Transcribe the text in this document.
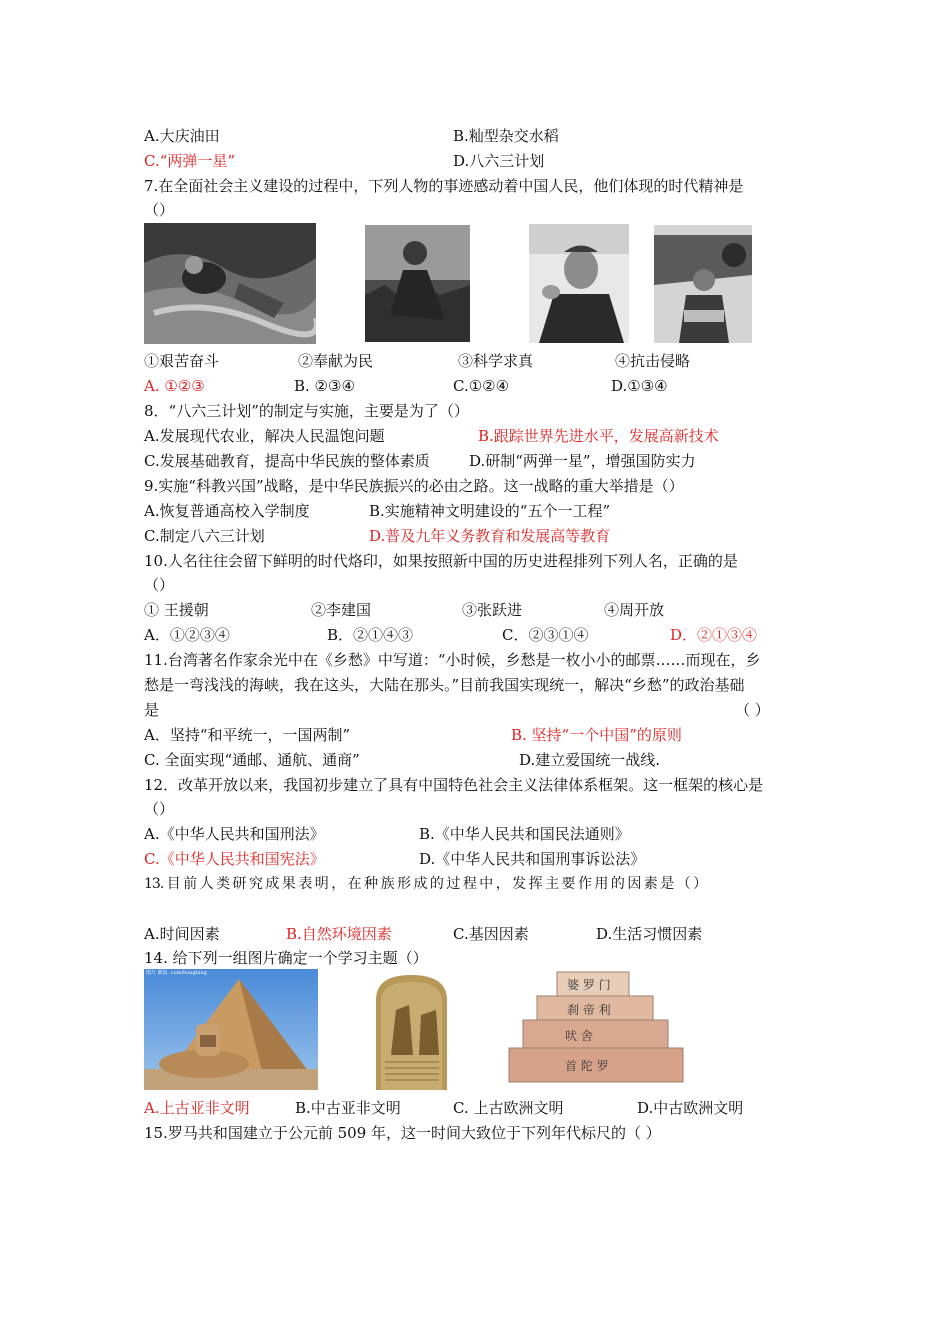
A.大庆油田	B.籼型杂交水稻
C.“两弹一星”	D.八六三计划
7.在全面社会主义建设的过程中，下列人物的事迹感动着中国人民，他们体现的时代精神是
（）
①艰苦奋斗	②奉献为民	③科学求真	④抗击侵略
A. ①②③	B. ②③④	C.①②④	D.①③④
8．“八六三计划”的制定与实施，主要是为了（）
A.发展现代农业，解决人民温饱问题	B.跟踪世界先进水平，发展高新技术
C.发展基础教育，提高中华民族的整体素质	D.研制“两弹一星”，增强国防实力
9.实施“科教兴国”战略，是中华民族振兴的必由之路。这一战略的重大举措是（）
A.恢复普通高校入学制度	B.实施精神文明建设的“五个一工程”
C.制定八六三计划	D.普及九年义务教育和发展高等教育
10.人名往往会留下鲜明的时代烙印，如果按照新中国的历史进程排列下列人名，正确的是
（）
① 王援朝	②李建国	③张跃进	④周开放
A．①②③④	B．②①④③	C．②③①④	D．②①③④
11.台湾著名作家余光中在《乡愁》中写道：“小时候，乡愁是一枚小小的邮票……而现在，乡
愁是一弯浅浅的海峡，我在这头，大陆在那头。”目前我国实现统一，解决“乡愁”的政治基础
是	（ ）
A．坚持“和平统一，一国两制”	B. 坚持“一个中国”的原则
C. 全面实现“通邮、通航、通商”	D.建立爱国统一战线.
12．改革开放以来，我国初步建立了具有中国特色社会主义法律体系框架。这一框架的核心是
（）
A.《中华人民共和国刑法》	B.《中华人民共和国民法通则》
C.《中华人民共和国宪法》	D.《中华人民共和国刑事诉讼法》
13. 目 前 人 类 研 究 成 果 表 明 ， 在 种 族 形 成 的 过 程 中 ， 发 挥 主 要 作 用 的 因 素 是 （ ）
A.时间因素	B.自然环境因素	C.基因因素	D.生活习惯因素
14. 给下列一组图片确定一个学习主题（）
图片 新浪 .com/hongbing
婆 罗 门
刹 帝 利
吠 舍
首 陀 罗
A.上古亚非文明	B.中古亚非文明	C. 上古欧洲文明	D.中古欧洲文明
15.罗马共和国建立于公元前 509 年，这一时间大致位于下列年代标尺的（ ）
